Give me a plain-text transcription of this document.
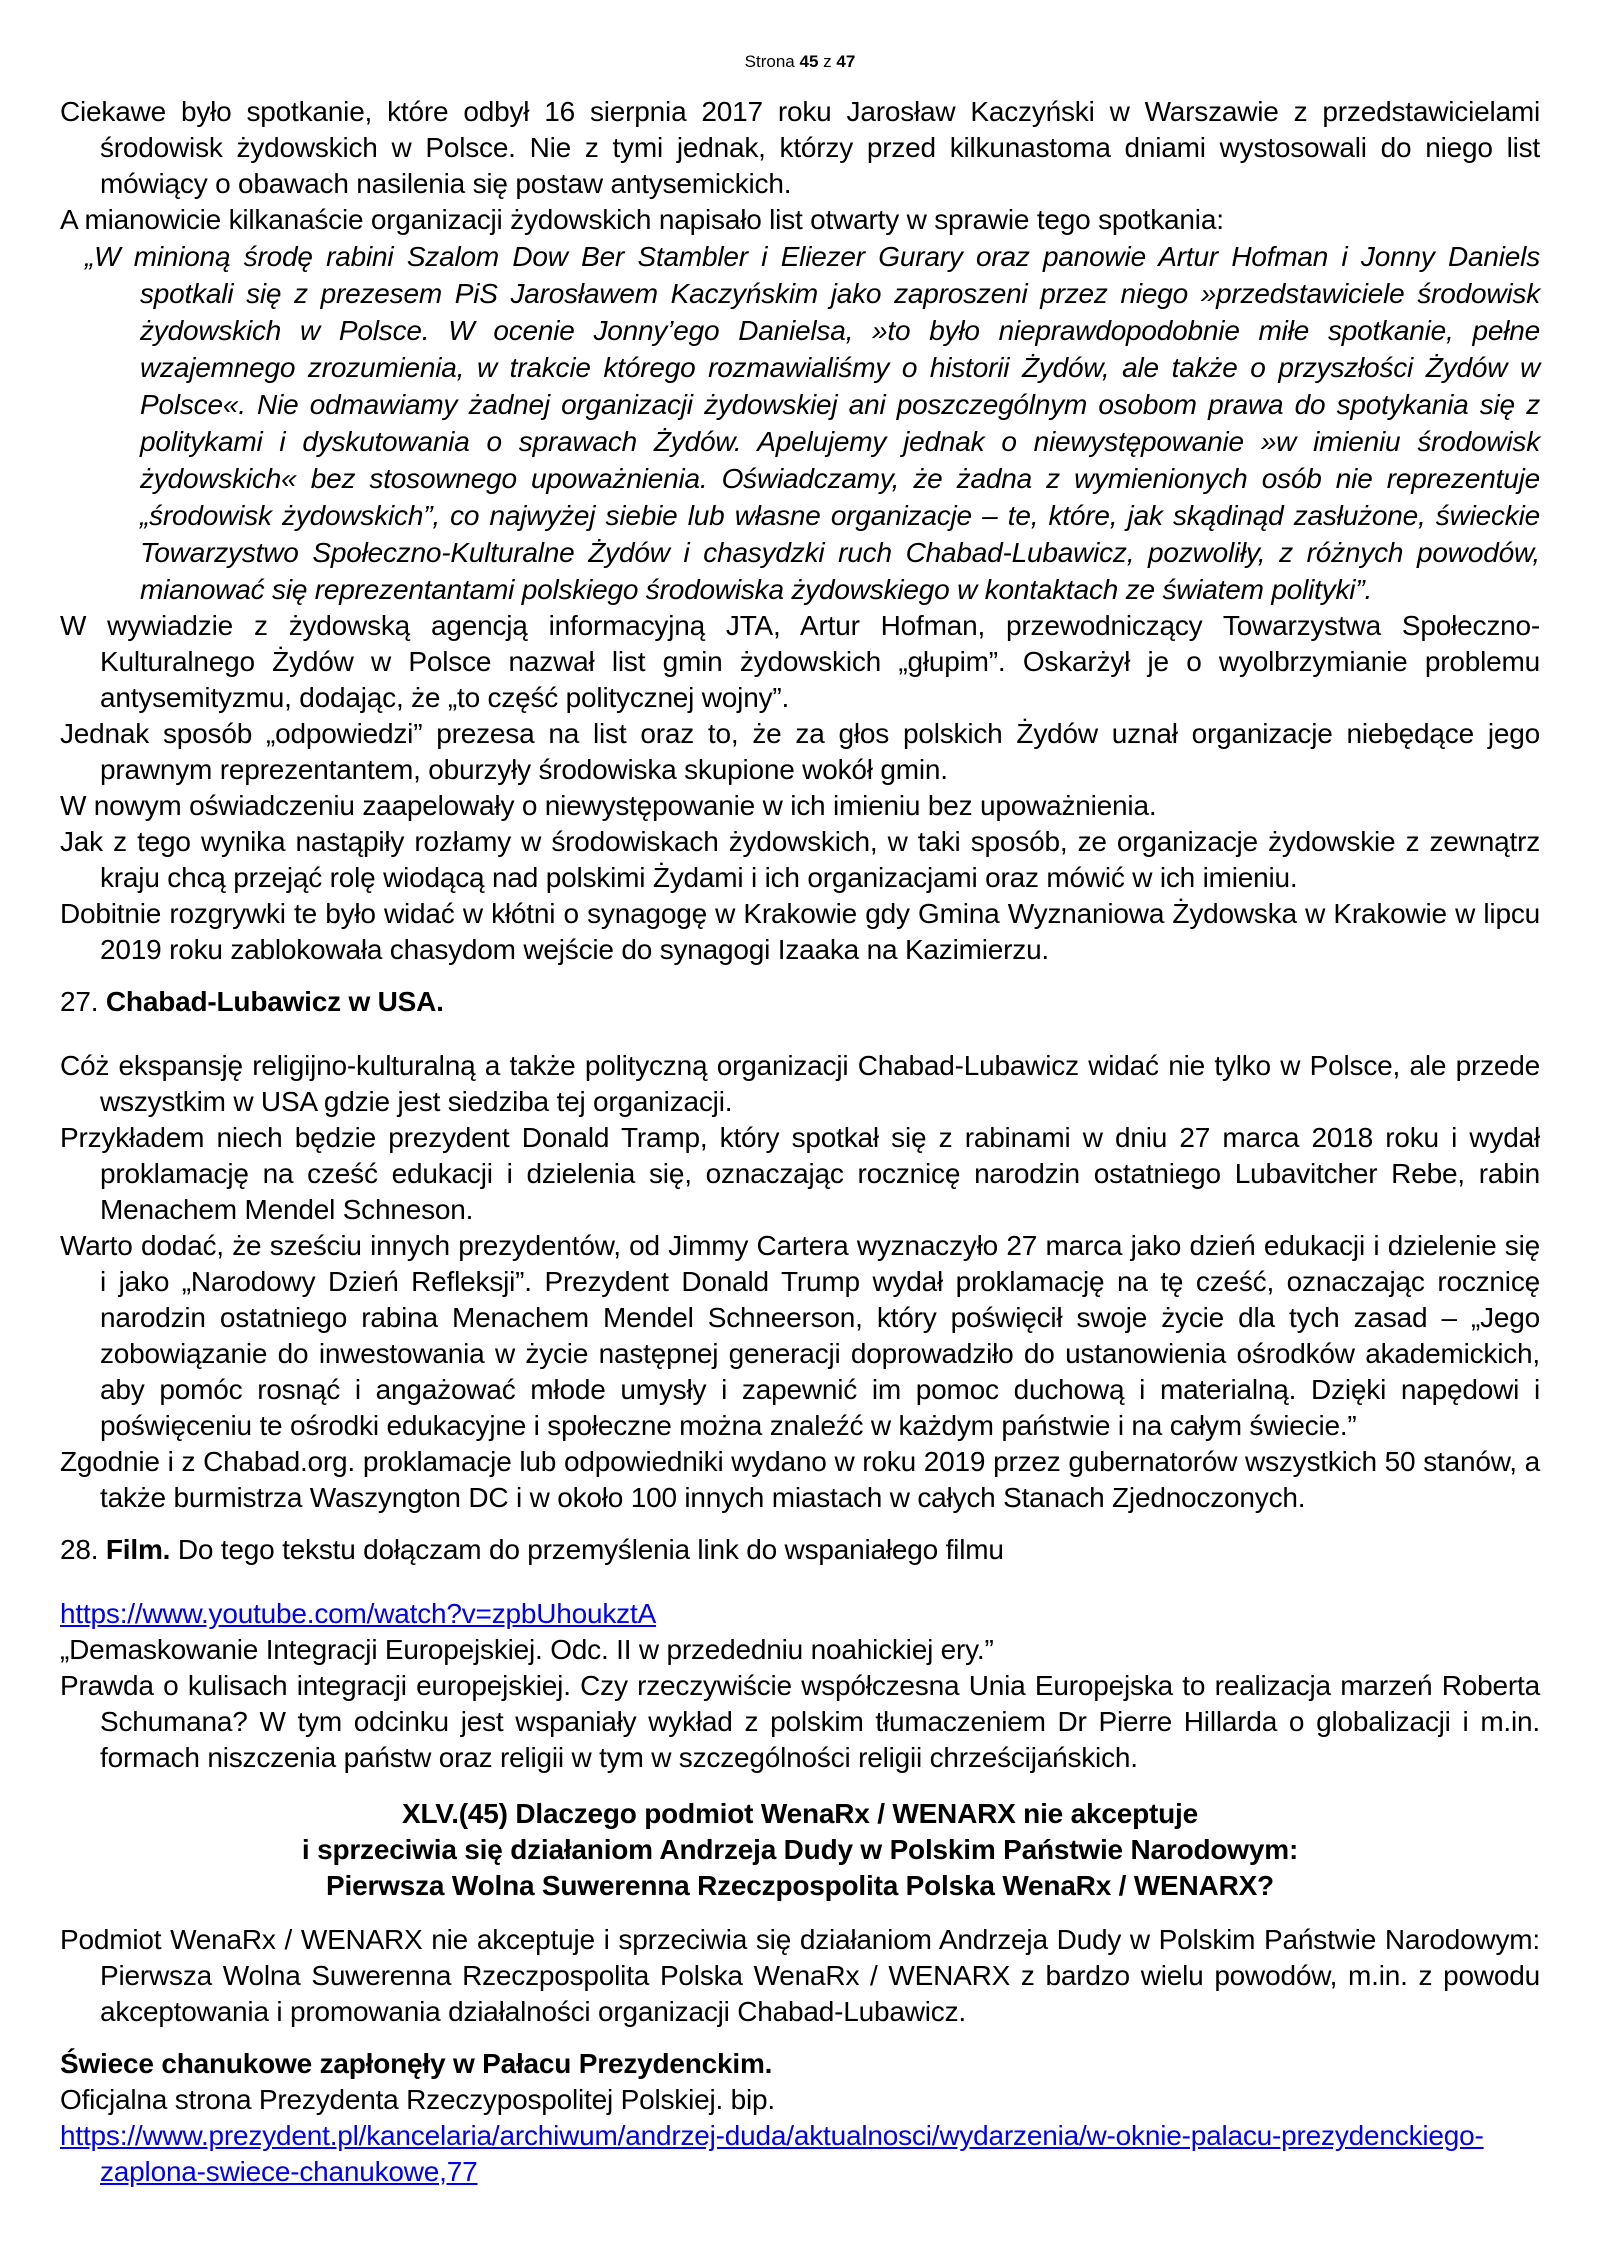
Strona 45 z 47

Ciekawe było spotkanie, które odbył 16 sierpnia 2017 roku Jarosław Kaczyński w Warszawie z przedstawicielami środowisk żydowskich w Polsce. Nie z tymi jednak, którzy przed kilkunastoma dniami wystosowali do niego list mówiący o obawach nasilenia się postaw antysemickich.

A mianowicie kilkanaście organizacji żydowskich napisało list otwarty w sprawie tego spotkania:

„W minioną środę rabini Szalom Dow Ber Stambler i Eliezer Gurary oraz panowie Artur Hofman i Jonny Daniels spotkali się z prezesem PiS Jarosławem Kaczyńskim jako zaproszeni przez niego »przedstawiciele środowisk żydowskich w Polsce. W ocenie Jonny’ego Danielsa, »to było nieprawdopodobnie miłe spotkanie, pełne wzajemnego zrozumienia, w trakcie którego rozmawialiśmy o historii Żydów, ale także o przyszłości Żydów w Polsce«. Nie odmawiamy żadnej organizacji żydowskiej ani poszczególnym osobom prawa do spotykania się z politykami i dyskutowania o sprawach Żydów. Apelujemy jednak o niewystępowanie »w imieniu środowisk żydowskich« bez stosownego upoważnienia. Oświadczamy, że żadna z wymienionych osób nie reprezentuje „środowisk żydowskich”, co najwyżej siebie lub własne organizacje – te, które, jak skądinąd zasłużone, świeckie Towarzystwo Społeczno-Kulturalne Żydów i chasydzki ruch Chabad-Lubawicz, pozwoliły, z różnych powodów, mianować się reprezentantami polskiego środowiska żydowskiego w kontaktach ze światem polityki”.

W wywiadzie z żydowską agencją informacyjną JTA, Artur Hofman, przewodniczący Towarzystwa Społeczno-Kulturalnego Żydów w Polsce nazwał list gmin żydowskich „głupim”. Oskarżył je o wyolbrzymianie problemu antysemityzmu, dodając, że „to część politycznej wojny”.

Jednak sposób „odpowiedzi” prezesa na list oraz to, że za głos polskich Żydów uznał organizacje niebędące jego prawnym reprezentantem, oburzyły środowiska skupione wokół gmin.

W nowym oświadczeniu zaapelowały o niewystępowanie w ich imieniu bez upoważnienia.

Jak z tego wynika nastąpiły rozłamy w środowiskach żydowskich, w taki sposób, ze organizacje żydowskie z zewnątrz kraju chcą przejąć rolę wiodącą nad polskimi Żydami i ich organizacjami oraz mówić w ich imieniu.

Dobitnie rozgrywki te było widać w kłótni o synagogę w Krakowie gdy Gmina Wyznaniowa Żydowska w Krakowie w lipcu 2019 roku zablokowała chasydom wejście do synagogi Izaaka na Kazimierzu.

27. Chabad-Lubawicz w USA.

Cóż ekspansję religijno-kulturalną a także polityczną organizacji Chabad-Lubawicz widać nie tylko w Polsce, ale przede wszystkim w USA gdzie jest siedziba tej organizacji.

Przykładem niech będzie prezydent Donald Tramp, który spotkał się z rabinami w dniu 27 marca 2018 roku i wydał proklamację na cześć edukacji i dzielenia się, oznaczając rocznicę narodzin ostatniego Lubavitcher Rebe, rabin Menachem Mendel Schneson.

Warto dodać, że sześciu innych prezydentów, od Jimmy Cartera wyznaczyło 27 marca jako dzień edukacji i dzielenie się i jako „Narodowy Dzień Refleksji”. Prezydent Donald Trump wydał proklamację na tę cześć, oznaczając rocznicę narodzin ostatniego rabina Menachem Mendel Schneerson, który poświęcił swoje życie dla tych zasad – „Jego zobowiązanie do inwestowania w życie następnej generacji doprowadziło do ustanowienia ośrodków akademickich, aby pomóc rosnąć i angażować młode umysły i zapewnić im pomoc duchową i materialną. Dzięki napędowi i poświęceniu te ośrodki edukacyjne i społeczne można znaleźć w każdym państwie i na całym świecie.”

Zgodnie i z Chabad.org. proklamacje lub odpowiedniki wydano w roku 2019 przez gubernatorów wszystkich 50 stanów, a także burmistrza Waszyngton DC i w około 100 innych miastach w całych Stanach Zjednoczonych.

28. Film. Do tego tekstu dołączam do przemyślenia link do wspaniałego filmu

https://www.youtube.com/watch?v=zpbUhoukztA

„Demaskowanie Integracji Europejskiej. Odc. II w przededniu noahickiej ery.”

Prawda o kulisach integracji europejskiej. Czy rzeczywiście współczesna Unia Europejska to realizacja marzeń Roberta Schumana? W tym odcinku jest wspaniały wykład z polskim tłumaczeniem Dr Pierre Hillarda o globalizacji i m.in. formach niszczenia państw oraz religii w tym w szczególności religii chrześcijańskich.

XLV.(45) Dlaczego podmiot WenaRx / WENARX nie akceptuje
i sprzeciwia się działaniom Andrzeja Dudy w Polskim Państwie Narodowym:
Pierwsza Wolna Suwerenna Rzeczpospolita Polska WenaRx / WENARX?

Podmiot WenaRx / WENARX nie akceptuje i sprzeciwia się działaniom Andrzeja Dudy w Polskim Państwie Narodowym: Pierwsza Wolna Suwerenna Rzeczpospolita Polska WenaRx / WENARX z bardzo wielu powodów, m.in. z powodu akceptowania i promowania działalności organizacji Chabad-Lubawicz.

Świece chanukowe zapłonęły w Pałacu Prezydenckim.

Oficjalna strona Prezydenta Rzeczypospolitej Polskiej. bip.

https://www.prezydent.pl/kancelaria/archiwum/andrzej-duda/aktualnosci/wydarzenia/w-oknie-palacu-prezydenckiego-zaplona-swiece-chanukowe,77
